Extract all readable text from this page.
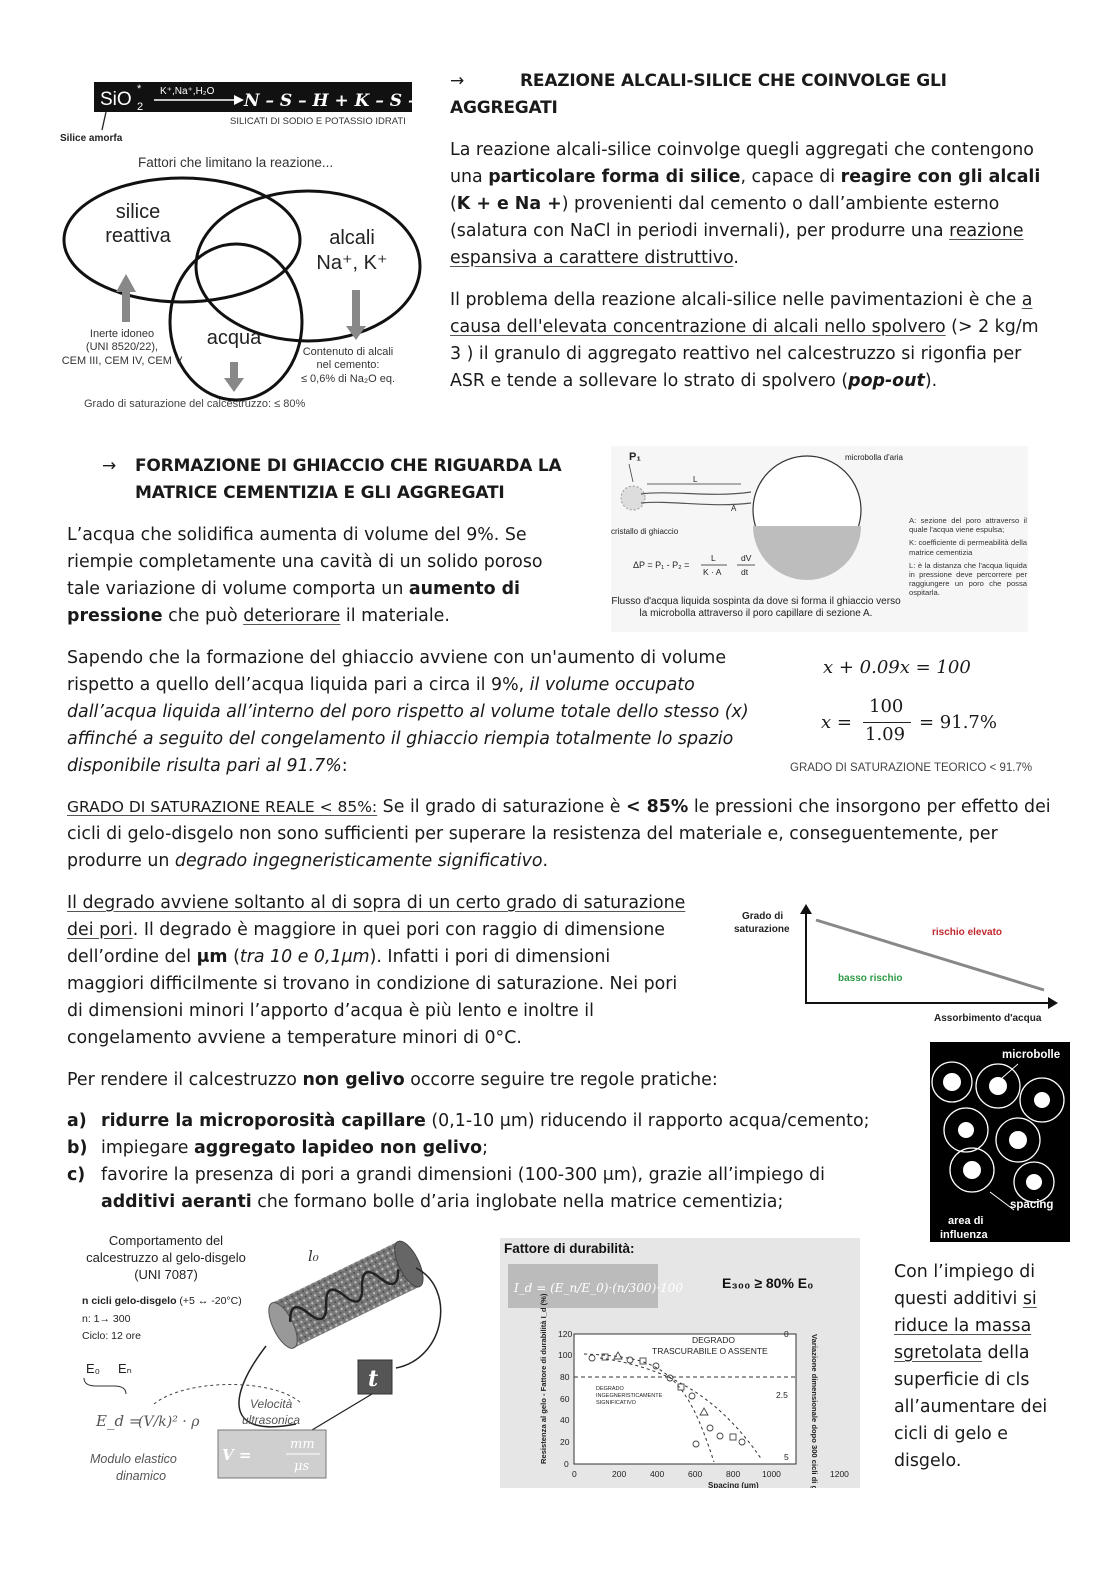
SiO 2
* K⁺,Na⁺,H₂O N – S – H + K – S – H
SILICATI DI SODIO E POTASSIO IDRATI
Silice amorfa
Fattori che limitano la reazione...
silice
reattiva	alcali
Na⁺, K⁺
acqua
Inerte idoneo
(UNI 8520/22),
CEM III, CEM IV, CEM V
Contenuto di alcali
nel cemento:
≤ 0,6% di Na₂O eq.
Grado di saturazione del calcestruzzo: ≤ 80%
→	REAZIONE ALCALI-SILICE CHE COINVOLGE GLI
AGGREGATI
La reazione alcali-silice coinvolge quegli aggregati che contengono una particolare forma di silice, capace di reagire con gli alcali (K + e Na +) provenienti dal cemento o dall’ambiente esterno (salatura con NaCl in periodi invernali), per produrre una reazione espansiva a carattere distruttivo.
Il problema della reazione alcali-silice nelle pavimentazioni è che a causa dell'elevata concentrazione di alcali nello spolvero (> 2 kg/m 3 ) il granulo di aggregato reattivo nel calcestruzzo si rigonfia per ASR e tende a sollevare lo strato di spolvero (pop-out).
→ FORMAZIONE DI GHIACCIO CHE RIGUARDA LA
MATRICE CEMENTIZIA E GLI AGGREGATI
P₁	microbolla d'aria
L
A
cristallo di ghiaccio
ΔP = P₁ - P₂ =
L
K · A
dV
dt
Flusso d'acqua liquida sospinta da dove si forma il ghiaccio verso la microbolla attraverso il poro capillare di sezione A.
A: sezione del poro attraverso il quale l'acqua viene espulsa;
K: coefficiente di permeabilità della matrice cementizia
L: è la distanza che l'acqua liquida in pressione deve percorrere per raggiungere un poro che possa ospitarla.
L’acqua che solidifica aumenta di volume del 9%. Se riempie completamente una cavità di un solido poroso tale variazione di volume comporta un aumento di pressione che può deteriorare il materiale.
Sapendo che la formazione del ghiaccio avviene con un'aumento di volume rispetto a quello dell’acqua liquida pari a circa il 9%, il volume occupato dall’acqua liquida all’interno del poro rispetto al volume totale dello stesso (x) affinché a seguito del congelamento il ghiaccio riempia totalmente lo spazio disponibile risulta pari al 91.7%:
x + 0.09x = 100
x =
100
1.09
= 91.7%
GRADO DI SATURAZIONE TEORICO < 91.7%
GRADO DI SATURAZIONE REALE < 85%: Se il grado di saturazione è < 85% le pressioni che insorgono per effetto dei cicli di gelo-disgelo non sono sufficienti per superare la resistenza del materiale e, conseguentemente, per produrre un degrado ingegneristicamente significativo.
Il degrado avviene soltanto al di sopra di un certo grado di saturazione dei pori. Il degrado è maggiore in quei pori con raggio di dimensione dell’ordine del μm (tra 10 e 0,1μm). Infatti i pori di dimensioni maggiori difficilmente si trovano in condizione di saturazione. Nei pori di dimensioni minori l’apporto d’acqua è più lento e inoltre il congelamento avviene a temperature minori di 0°C.
Grado di
saturazione	rischio elevato
basso rischio
Assorbimento d'acqua
microbolle
spacing
area di
influenza
Per rendere il calcestruzzo non gelivo occorre seguire tre regole pratiche:
a) ridurre la microporosità capillare (0,1-10 μm) riducendo il rapporto acqua/cemento;
b) impiegare aggregato lapideo non gelivo;
c) favorire la presenza di pori a grandi dimensioni (100-300 μm), grazie all’impiego di additivi aeranti che formano bolle d’aria inglobate nella matrice cementizia;
Comportamento del
calcestruzzo al gelo-disgelo
(UNI 7087)
n cicli gelo-disgelo (+5 ↔ -20°C)
n: 1→ 300
Ciclo: 12 ore
l₀
t
E₀ Eₙ
E_d =
(V/k)² · ρ
Modulo elastico
dinamico
Velocità
ultrasonica
V =
mm
μs
Fattore di durabilità:
I_d = (E_n/E_0)·(n/300)·100	E₃₀₀ ≥ 80% E₀
120
100
80
60
40
20
0
0	200	400	600	800	1000	1200
0
2.5
5
Resistenza al gelo - Fattore di durabilità I_d (%)	Variazione dimensionale dopo 300 cicli di gelo-disgelo (10⁴)
Spacing (μm)
DEGRADO
TRASCURABILE O ASSENTE
DEGRADO
INGEGNERISTICAMENTE
SIGNIFICATIVO
Con l’impiego di questi additivi si riduce la massa sgretolata della superficie di cls all’aumentare dei cicli di gelo e disgelo.
